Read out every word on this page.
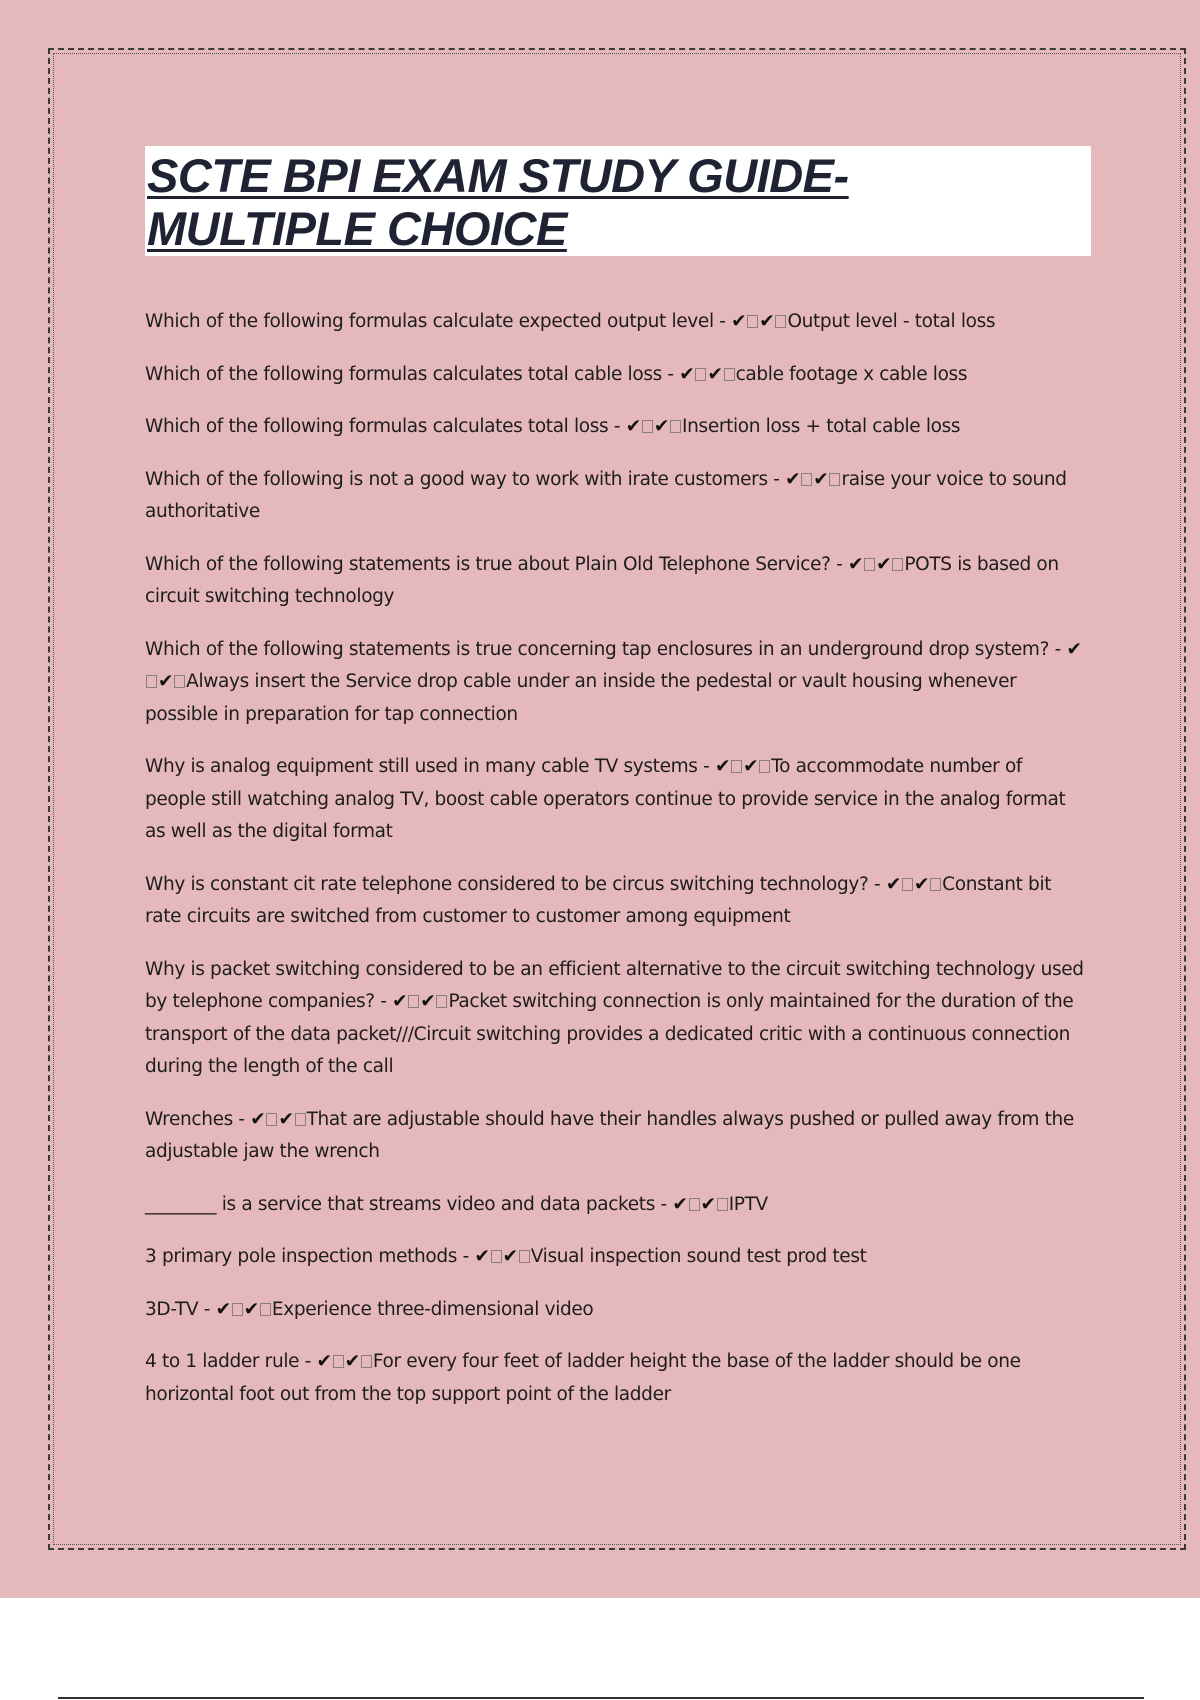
SCTE BPI EXAM STUDY GUIDE-
MULTIPLE CHOICE

Which of the following formulas calculate expected output level - ✔ ✔ Output level - total loss

Which of the following formulas calculates total cable loss - ✔ ✔ cable footage x cable loss

Which of the following formulas calculates total loss - ✔ ✔ Insertion loss + total cable loss

Which of the following is not a good way to work with irate customers - ✔ ✔ raise your voice to sound authoritative

Which of the following statements is true about Plain Old Telephone Service? - ✔ ✔ POTS is based on circuit switching technology

Which of the following statements is true concerning tap enclosures in an underground drop system? - ✔✔ Always insert the Service drop cable under an inside the pedestal or vault housing whenever possible in preparation for tap connection

Why is analog equipment still used in many cable TV systems - ✔ ✔ To accommodate number of people still watching analog TV, boost cable operators continue to provide service in the analog format as well as the digital format

Why is constant cit rate telephone considered to be circus switching technology? - ✔ ✔ Constant bit rate circuits are switched from customer to customer among equipment

Why is packet switching considered to be an efficient alternative to the circuit switching technology used by telephone companies? - ✔ ✔ Packet switching connection is only maintained for the duration of the transport of the data packet///Circuit switching provides a dedicated critic with a continuous connection during the length of the call

Wrenches - ✔ ✔ That are adjustable should have their handles always pushed or pulled away from the adjustable jaw the wrench

________ is a service that streams video and data packets - ✔ ✔ IPTV

3 primary pole inspection methods - ✔ ✔ Visual inspection sound test prod test

3D-TV - ✔ ✔ Experience three-dimensional video

4 to 1 ladder rule - ✔ ✔ For every four feet of ladder height the base of the ladder should be one horizontal foot out from the top support point of the ladder
